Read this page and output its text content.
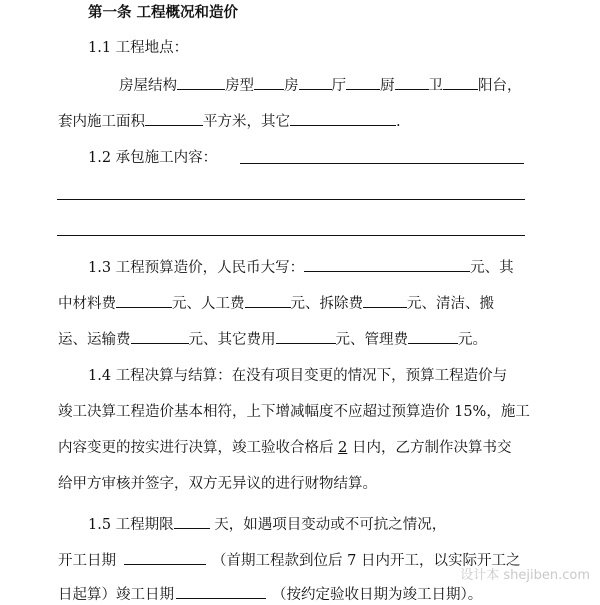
第一条 工程概况和造价
1.1 工程地点：
房屋结构	房型 房 厅 厨 卫 阳台，
套内施工面积	平方米，其它	.
1.2 承包施工内容：
1.3 工程预算造价，人民币大写：	元、其
中材料费	元、人工费	元、拆除费	元、清洁、搬
运、运输费	元、其它费用	元、管理费	元。
1.4 工程决算与结算：在没有项目变更的情况下，预算工程造价与
竣工决算工程造价基本相符，上下增减幅度不应超过预算造价 15%，施工
内容变更的按实进行决算，竣工验收合格后 2 日内，乙方制作决算书交
给甲方审核并签字，双方无异议的进行财物结算。
1.5 工程期限 天，如遇项目变动或不可抗之情况，
开工日期	（首期工程款到位后 7 日内开工，以实际开工之
日起算）竣工日期	（按约定验收日期为竣工日期）。
设计本 shejiben.com
